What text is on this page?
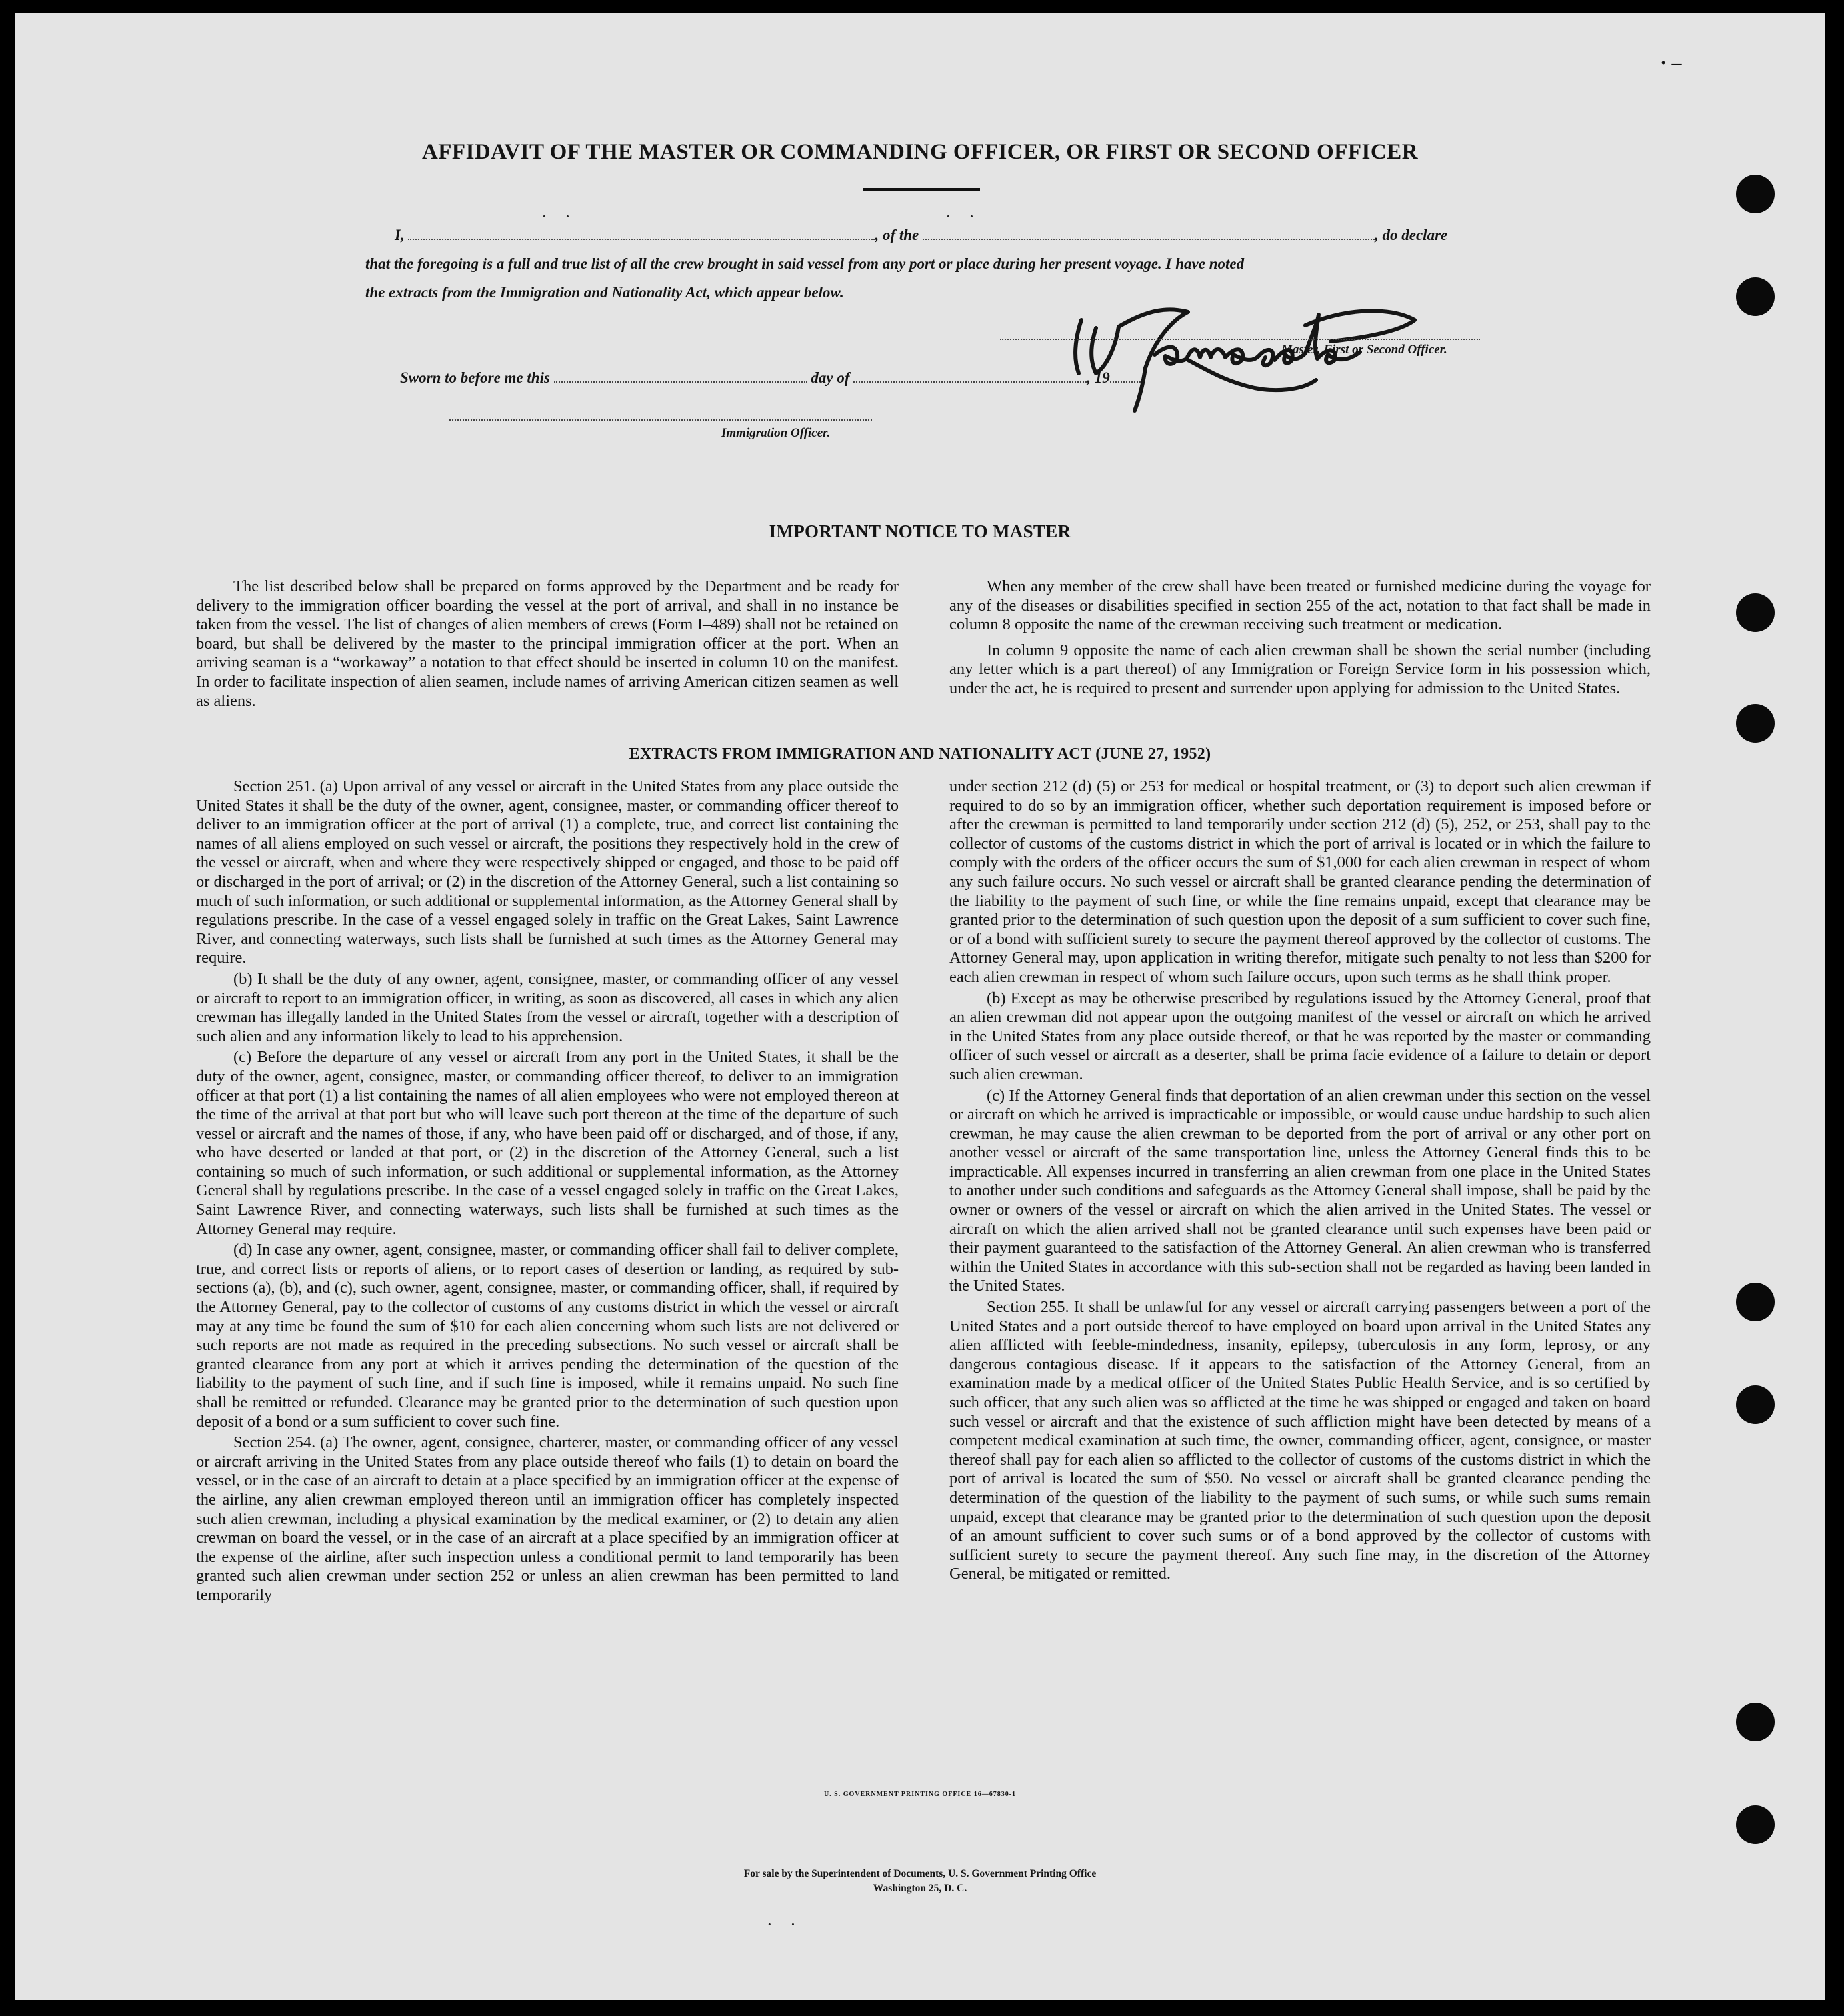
· –
AFFIDAVIT OF THE MASTER OR COMMANDING OFFICER, OR FIRST OR SECOND OFFICER
· ·	· ·
I,	, of the	, do declare
that the foregoing is a full and true list of all the crew brought in said vessel from any port or place during her present voyage. I have noted
the extracts from the Immigration and Nationality Act, which appear below.
Master, First or Second Officer.
Sworn to before me this	day of	, 19
Immigration Officer.
IMPORTANT NOTICE TO MASTER

The list described below shall be prepared on forms approved by the Department and be ready for delivery to the immigration officer boarding the vessel at the port of arrival, and shall in no instance be taken from the vessel. The list of changes of alien members of crews (Form I–489) shall not be retained on board, but shall be delivered by the master to the principal immigration officer at the port. When an arriving seaman is a “workaway” a notation to that effect should be inserted in column 10 on the manifest. In order to facilitate inspection of alien seamen, include names of arriving American citizen seamen as well as aliens.

When any member of the crew shall have been treated or furnished medicine during the voyage for any of the diseases or disabilities specified in section 255 of the act, notation to that fact shall be made in column 8 opposite the name of the crewman receiving such treatment or medication.

In column 9 opposite the name of each alien crewman shall be shown the serial number (including any letter which is a part thereof) of any Immigration or Foreign Service form in his possession which, under the act, he is required to present and surrender upon applying for admission to the United States.

EXTRACTS FROM IMMIGRATION AND NATIONALITY ACT (JUNE 27, 1952)

Section 251. (a) Upon arrival of any vessel or aircraft in the United States from any place outside the United States it shall be the duty of the owner, agent, consignee, master, or commanding officer thereof to deliver to an immigration officer at the port of arrival (1) a complete, true, and correct list containing the names of all aliens employed on such vessel or aircraft, the positions they respectively hold in the crew of the vessel or aircraft, when and where they were respectively shipped or engaged, and those to be paid off or discharged in the port of arrival; or (2) in the discretion of the Attorney General, such a list containing so much of such information, or such additional or supplemental information, as the Attorney General shall by regulations prescribe. In the case of a vessel engaged solely in traffic on the Great Lakes, Saint Lawrence River, and connecting waterways, such lists shall be furnished at such times as the Attorney General may require.

(b) It shall be the duty of any owner, agent, consignee, master, or commanding officer of any vessel or aircraft to report to an immigration officer, in writing, as soon as discovered, all cases in which any alien crewman has illegally landed in the United States from the vessel or aircraft, together with a description of such alien and any information likely to lead to his apprehension.

(c) Before the departure of any vessel or aircraft from any port in the United States, it shall be the duty of the owner, agent, consignee, master, or commanding officer thereof, to deliver to an immigration officer at that port (1) a list containing the names of all alien employees who were not employed thereon at the time of the arrival at that port but who will leave such port thereon at the time of the departure of such vessel or aircraft and the names of those, if any, who have been paid off or discharged, and of those, if any, who have deserted or landed at that port, or (2) in the discretion of the Attorney General, such a list containing so much of such information, or such additional or supplemental information, as the Attorney General shall by regulations prescribe. In the case of a vessel engaged solely in traffic on the Great Lakes, Saint Lawrence River, and connecting waterways, such lists shall be furnished at such times as the Attorney General may require.

(d) In case any owner, agent, consignee, master, or commanding officer shall fail to deliver complete, true, and correct lists or reports of aliens, or to report cases of desertion or landing, as required by sub-sections (a), (b), and (c), such owner, agent, consignee, master, or commanding officer, shall, if required by the Attorney General, pay to the collector of customs of any customs district in which the vessel or aircraft may at any time be found the sum of $10 for each alien concerning whom such lists are not delivered or such reports are not made as required in the preceding subsections. No such vessel or aircraft shall be granted clearance from any port at which it arrives pending the determination of the question of the liability to the payment of such fine, and if such fine is imposed, while it remains unpaid. No such fine shall be remitted or refunded. Clearance may be granted prior to the determination of such question upon deposit of a bond or a sum sufficient to cover such fine.

Section 254. (a) The owner, agent, consignee, charterer, master, or commanding officer of any vessel or aircraft arriving in the United States from any place outside thereof who fails (1) to detain on board the vessel, or in the case of an aircraft to detain at a place specified by an immigration officer at the expense of the airline, any alien crewman employed thereon until an immigration officer has completely inspected such alien crewman, including a physical examination by the medical examiner, or (2) to detain any alien crewman on board the vessel, or in the case of an aircraft at a place specified by an immigration officer at the expense of the airline, after such inspection unless a conditional permit to land temporarily has been granted such alien crewman under section 252 or unless an alien crewman has been permitted to land temporarily

under section 212 (d) (5) or 253 for medical or hospital treatment, or (3) to deport such alien crewman if required to do so by an immigration officer, whether such deportation requirement is imposed before or after the crewman is permitted to land temporarily under section 212 (d) (5), 252, or 253, shall pay to the collector of customs of the customs district in which the port of arrival is located or in which the failure to comply with the orders of the officer occurs the sum of $1,000 for each alien crewman in respect of whom any such failure occurs. No such vessel or aircraft shall be granted clearance pending the determination of the liability to the payment of such fine, or while the fine remains unpaid, except that clearance may be granted prior to the determination of such question upon the deposit of a sum sufficient to cover such fine, or of a bond with sufficient surety to secure the payment thereof approved by the collector of customs. The Attorney General may, upon application in writing therefor, mitigate such penalty to not less than $200 for each alien crewman in respect of whom such failure occurs, upon such terms as he shall think proper.

(b) Except as may be otherwise prescribed by regulations issued by the Attorney General, proof that an alien crewman did not appear upon the outgoing manifest of the vessel or aircraft on which he arrived in the United States from any place outside thereof, or that he was reported by the master or commanding officer of such vessel or aircraft as a deserter, shall be prima facie evidence of a failure to detain or deport such alien crewman.

(c) If the Attorney General finds that deportation of an alien crewman under this section on the vessel or aircraft on which he arrived is impracticable or impossible, or would cause undue hardship to such alien crewman, he may cause the alien crewman to be deported from the port of arrival or any other port on another vessel or aircraft of the same transportation line, unless the Attorney General finds this to be impracticable. All expenses incurred in transferring an alien crewman from one place in the United States to another under such conditions and safeguards as the Attorney General shall impose, shall be paid by the owner or owners of the vessel or aircraft on which the alien arrived in the United States. The vessel or aircraft on which the alien arrived shall not be granted clearance until such expenses have been paid or their payment guaranteed to the satisfaction of the Attorney General. An alien crewman who is transferred within the United States in accordance with this sub-section shall not be regarded as having been landed in the United States.

Section 255. It shall be unlawful for any vessel or aircraft carrying passengers between a port of the United States and a port outside thereof to have employed on board upon arrival in the United States any alien afflicted with feeble-mindedness, insanity, epilepsy, tuberculosis in any form, leprosy, or any dangerous contagious disease. If it appears to the satisfaction of the Attorney General, from an examination made by a medical officer of the United States Public Health Service, and is so certified by such officer, that any such alien was so afflicted at the time he was shipped or engaged and taken on board such vessel or aircraft and that the existence of such affliction might have been detected by means of a competent medical examination at such time, the owner, commanding officer, agent, consignee, or master thereof shall pay for each alien so afflicted to the collector of customs of the customs district in which the port of arrival is located the sum of $50. No vessel or aircraft shall be granted clearance pending the determination of the question of the liability to the payment of such sums, or while such sums remain unpaid, except that clearance may be granted prior to the determination of such question upon the deposit of an amount sufficient to cover such sums or of a bond approved by the collector of customs with sufficient surety to secure the payment thereof. Any such fine may, in the discretion of the Attorney General, be mitigated or remitted.

U. S. GOVERNMENT PRINTING OFFICE 16—67830-1
For sale by the Superintendent of Documents, U. S. Government Printing Office
Washington 25, D. C.
· ·
